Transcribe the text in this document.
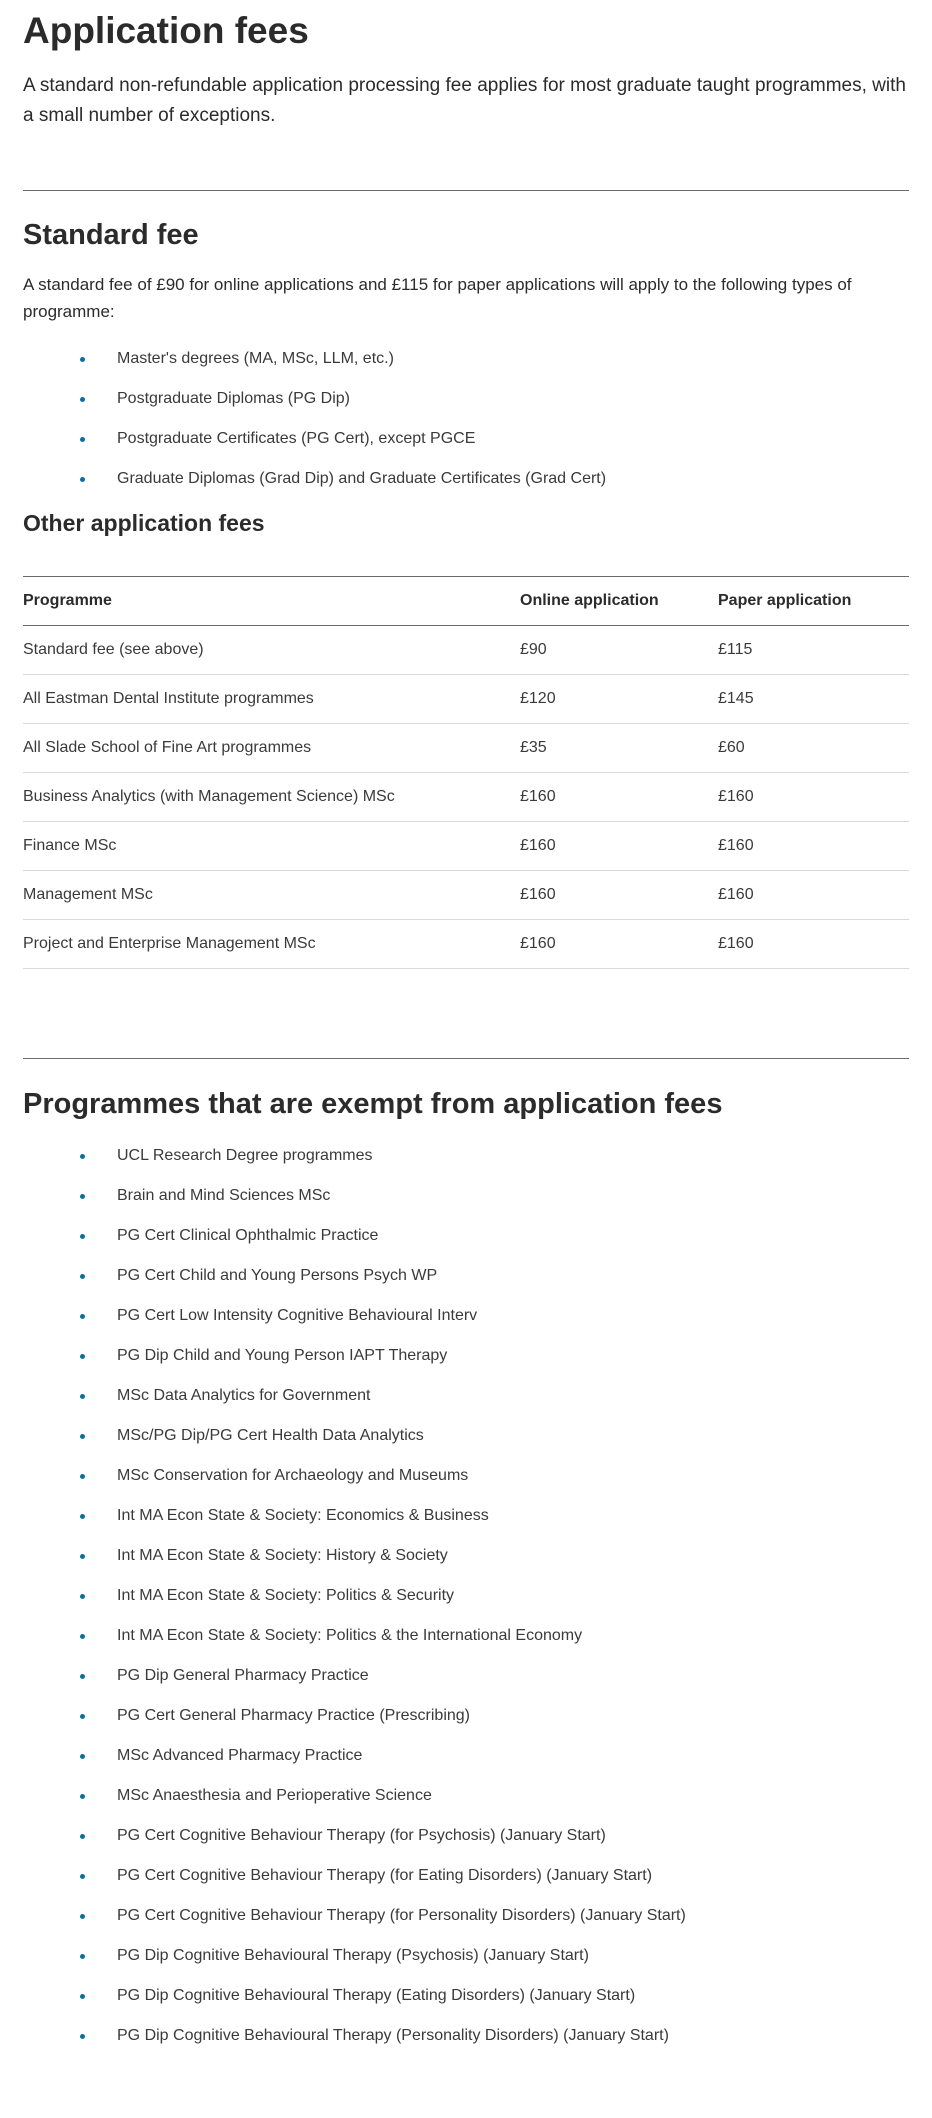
Application fees

A standard non-refundable application processing fee applies for most graduate taught programmes, with a small number of exceptions.

Standard fee

A standard fee of £90 for online applications and £115 for paper applications will apply to the following types of programme:

Master's degrees (MA, MSc, LLM, etc.)
Postgraduate Diplomas (PG Dip)
Postgraduate Certificates (PG Cert), except PGCE
Graduate Diplomas (Grad Dip) and Graduate Certificates (Grad Cert)
Other application fees
Programme	Online application	Paper application
Standard fee (see above)	£90	£115
All Eastman Dental Institute programmes	£120	£145
All Slade School of Fine Art programmes	£35	£60
Business Analytics (with Management Science) MSc	£160	£160
Finance MSc	£160	£160
Management MSc	£160	£160
Project and Enterprise Management MSc	£160	£160
Programmes that are exempt from application fees
UCL Research Degree programmes
Brain and Mind Sciences MSc
PG Cert Clinical Ophthalmic Practice
PG Cert Child and Young Persons Psych WP
PG Cert Low Intensity Cognitive Behavioural Interv
PG Dip Child and Young Person IAPT Therapy
MSc Data Analytics for Government
MSc/PG Dip/PG Cert Health Data Analytics
MSc Conservation for Archaeology and Museums
Int MA Econ State & Society: Economics & Business
Int MA Econ State & Society: History & Society
Int MA Econ State & Society: Politics & Security
Int MA Econ State & Society: Politics & the International Economy
PG Dip General Pharmacy Practice
PG Cert General Pharmacy Practice (Prescribing)
MSc Advanced Pharmacy Practice
MSc Anaesthesia and Perioperative Science
PG Cert Cognitive Behaviour Therapy (for Psychosis) (January Start)
PG Cert Cognitive Behaviour Therapy (for Eating Disorders) (January Start)
PG Cert Cognitive Behaviour Therapy (for Personality Disorders) (January Start)
PG Dip Cognitive Behavioural Therapy (Psychosis) (January Start)
PG Dip Cognitive Behavioural Therapy (Eating Disorders) (January Start)
PG Dip Cognitive Behavioural Therapy (Personality Disorders) (January Start)
